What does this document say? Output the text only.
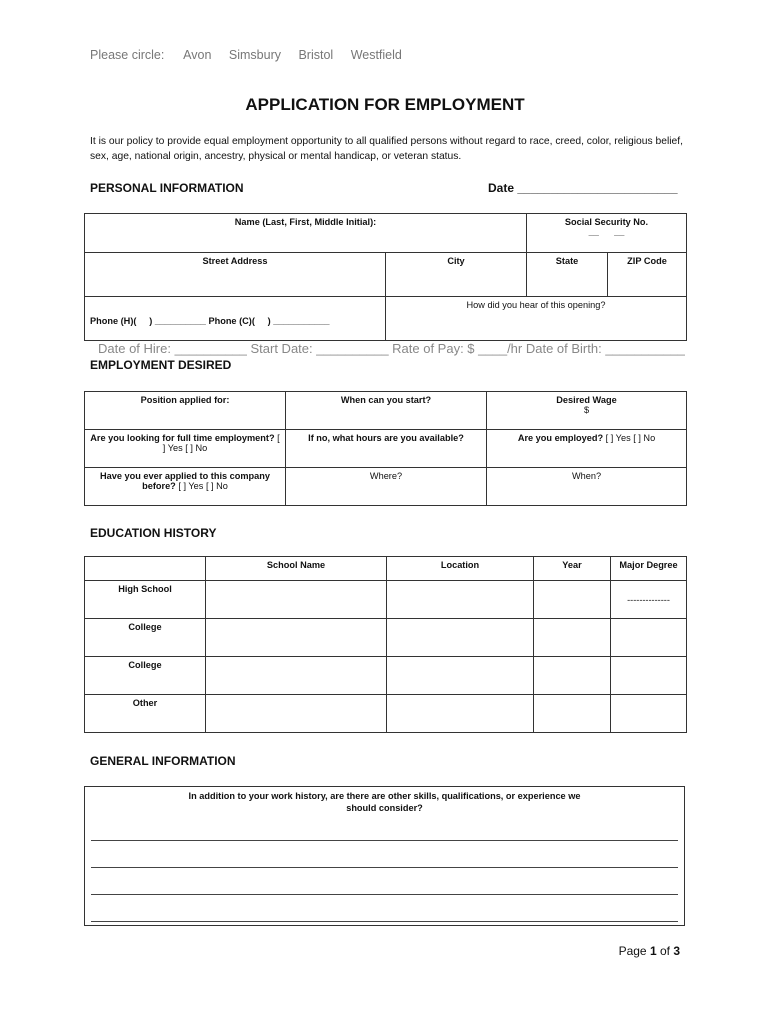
Please circle: Avon Simsbury Bristol Westfield
APPLICATION FOR EMPLOYMENT
It is our policy to provide equal employment opportunity to all qualified persons without regard to race, creed, color, religious belief, sex, age, national origin, ancestry, physical or mental handicap, or veteran status.
PERSONAL INFORMATION	Date ________________________
Name (Last, First, Middle Initial):		Social Security No.
__      __	

Street Address	City	State	ZIP Code
Phone (H)(     ) __________ Phone (C)(     ) ___________	How did you hear of this opening?		
Date of Hire: __________ Start Date: __________ Rate of Pay: $ ____/hr Date of Birth: ___________
EMPLOYMENT DESIRED
Position applied for:	When can you start?	Desired Wage
$

Are you looking for full time employment? [ ] Yes [ ] No	If no, what hours are you available?	Are you employed? [ ] Yes [ ] No
Have you ever applied to this company before? [ ] Yes [ ] No	Where?	When?
EDUCATION HISTORY
	School Name	Location	Year	Major Degree
High School				--------------
College				
College				
Other				
GENERAL INFORMATION
In addition to your work history, are there are other skills, qualifications, or experience we should consider?
Page 1 of 3
